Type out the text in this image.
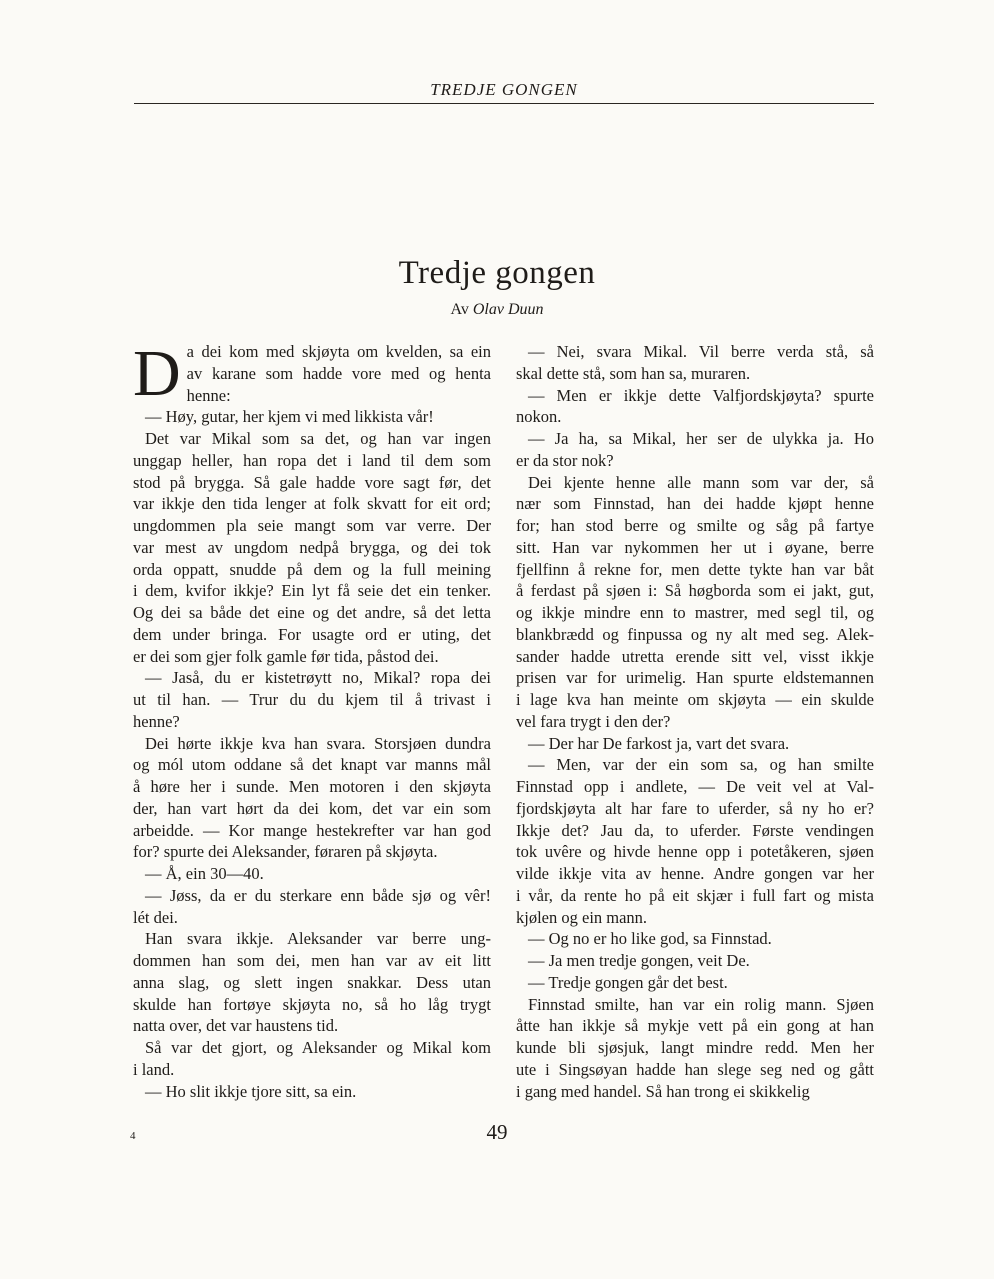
TREDJE GONGEN
Tredje gongen
Av Olav Duun
D a dei kom med skjøyta om kvelden, sa ein
av karane som hadde vore med og henta
henne:
— Høy, gutar, her kjem vi med likkista vår!
Det var Mikal som sa det, og han var ingen
unggap heller, han ropa det i land til dem som
stod på brygga. Så gale hadde vore sagt før, det
var ikkje den tida lenger at folk skvatt for eit ord;
ungdommen pla seie mangt som var verre. Der
var mest av ungdom nedpå brygga, og dei tok
orda oppatt, snudde på dem og la full meining
i dem, kvifor ikkje? Ein lyt få seie det ein tenker.
Og dei sa både det eine og det andre, så det letta
dem under bringa. For usagte ord er uting, det
er dei som gjer folk gamle før tida, påstod dei.
— Jaså, du er kistetrøytt no, Mikal? ropa dei
ut til han. — Trur du du kjem til å trivast i
henne?
Dei hørte ikkje kva han svara. Storsjøen dundra
og mól utom oddane så det knapt var manns mål
å høre her i sunde. Men motoren i den skjøyta
der, han vart hørt da dei kom, det var ein som
arbeidde. — Kor mange hestekrefter var han god
for? spurte dei Aleksander, føraren på skjøyta.
— Å, ein 30—40.
— Jøss, da er du sterkare enn både sjø og vêr!
lét dei.
Han svara ikkje. Aleksander var berre ung-
dommen han som dei, men han var av eit litt
anna slag, og slett ingen snakkar. Dess utan
skulde han fortøye skjøyta no, så ho låg trygt
natta over, det var haustens tid.
Så var det gjort, og Aleksander og Mikal kom
i land.
— Ho slit ikkje tjore sitt, sa ein.
— Nei, svara Mikal. Vil berre verda stå, så
skal dette stå, som han sa, muraren.
— Men er ikkje dette Valfjordskjøyta? spurte
nokon.
— Ja ha, sa Mikal, her ser de ulykka ja. Ho
er da stor nok?
Dei kjente henne alle mann som var der, så
nær som Finnstad, han dei hadde kjøpt henne
for; han stod berre og smilte og såg på fartye
sitt. Han var nykommen her ut i øyane, berre
fjellfinn å rekne for, men dette tykte han var båt
å ferdast på sjøen i: Så høgborda som ei jakt, gut,
og ikkje mindre enn to mastrer, med segl til, og
blankbrædd og finpussa og ny alt med seg. Alek-
sander hadde utretta erende sitt vel, visst ikkje
prisen var for urimelig. Han spurte eldstemannen
i lage kva han meinte om skjøyta — ein skulde
vel fara trygt i den der?
— Der har De farkost ja, vart det svara.
— Men, var der ein som sa, og han smilte
Finnstad opp i andlete, — De veit vel at Val-
fjordskjøyta alt har fare to uferder, så ny ho er?
Ikkje det? Jau da, to uferder. Første vendingen
tok uvêre og hivde henne opp i potetåkeren, sjøen
vilde ikkje vita av henne. Andre gongen var her
i vår, da rente ho på eit skjær i full fart og mista
kjølen og ein mann.
— Og no er ho like god, sa Finnstad.
— Ja men tredje gongen, veit De.
— Tredje gongen går det best.
Finnstad smilte, han var ein rolig mann. Sjøen
åtte han ikkje så mykje vett på ein gong at han
kunde bli sjøsjuk, langt mindre redd. Men her
ute i Singsøyan hadde han slege seg ned og gått
i gang med handel. Så han trong ei skikkelig
49
4
